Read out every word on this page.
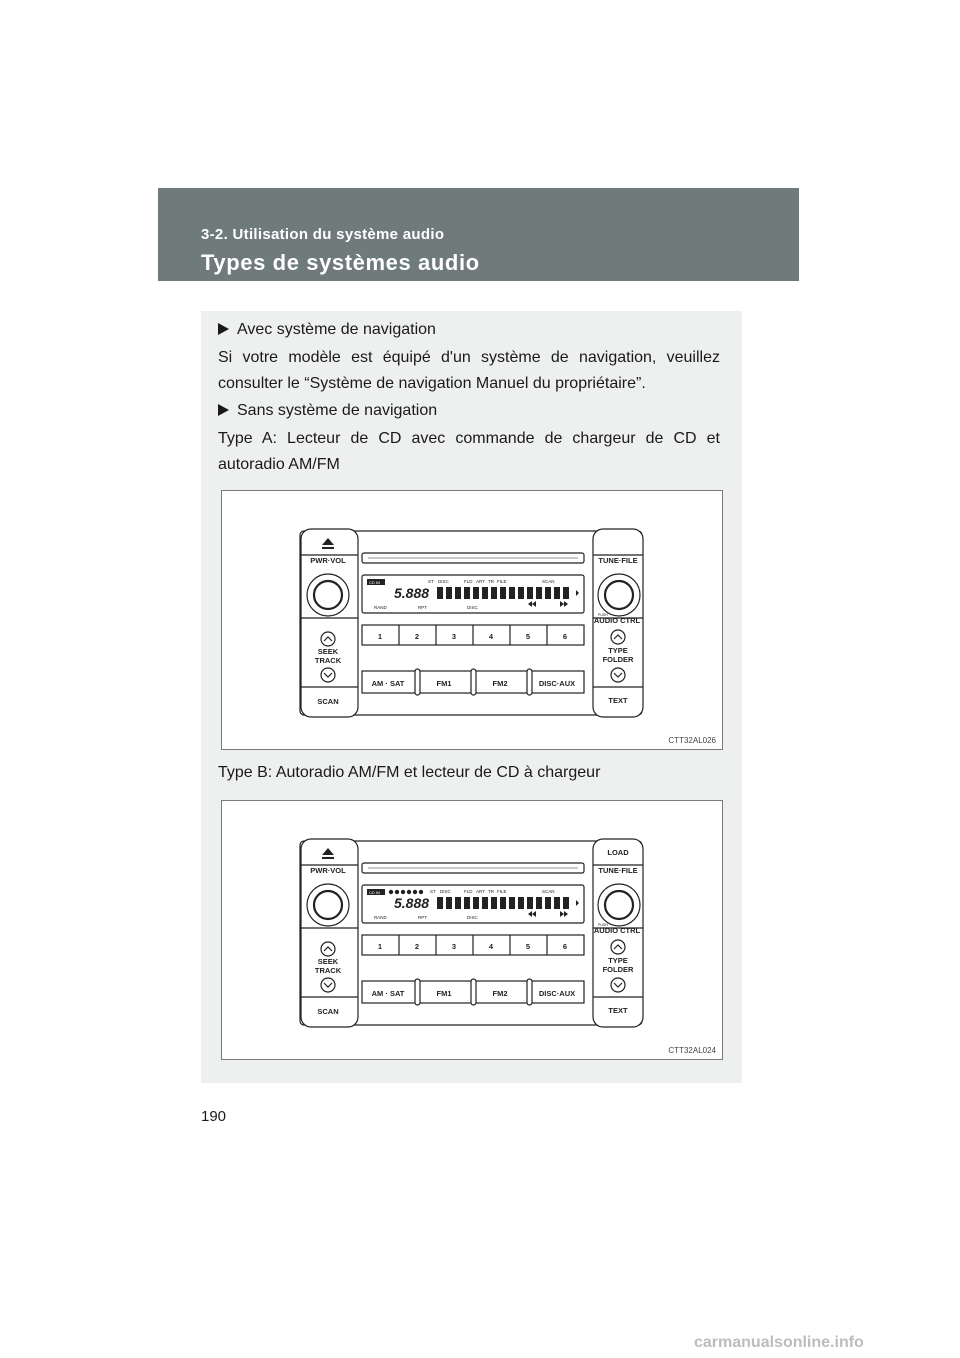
3-2. Utilisation du système audio
Types de systèmes audio
Avec système de navigation
Si votre modèle est équipé d'un système de navigation, veuillez consulter le “Système de navigation Manuel du propriétaire”.
Sans système de navigation
Type A: Lecteur de CD avec commande de chargeur de CD et autoradio AM/FM
CD IN
5.888
ST DISC	FLD ART TR FILE	SCAN
RAND	RPT	DISC
PWR·VOL	TUNE·FILE
AUDIO CTRL
SEEK
TRACK
TYPE
FOLDER
SCAN	TEXT
1	2	3	4	5	6
AM · SAT	FM1	FM2	DISC·AUX
PUSH
CTT32AL026
Type B: Autoradio AM/FM et lecteur de CD à chargeur
CD IN
5.888
ST DISC	FLD ART TR FILE	SCAN
RAND	RPT	DISC
LOAD
PWR·VOL	TUNE·FILE
AUDIO CTRL
SEEK
TRACK
TYPE
FOLDER
SCAN	TEXT
1	2	3	4	5	6
AM · SAT	FM1	FM2	DISC·AUX
PUSH
CTT32AL024
190
carmanualsonline.info
